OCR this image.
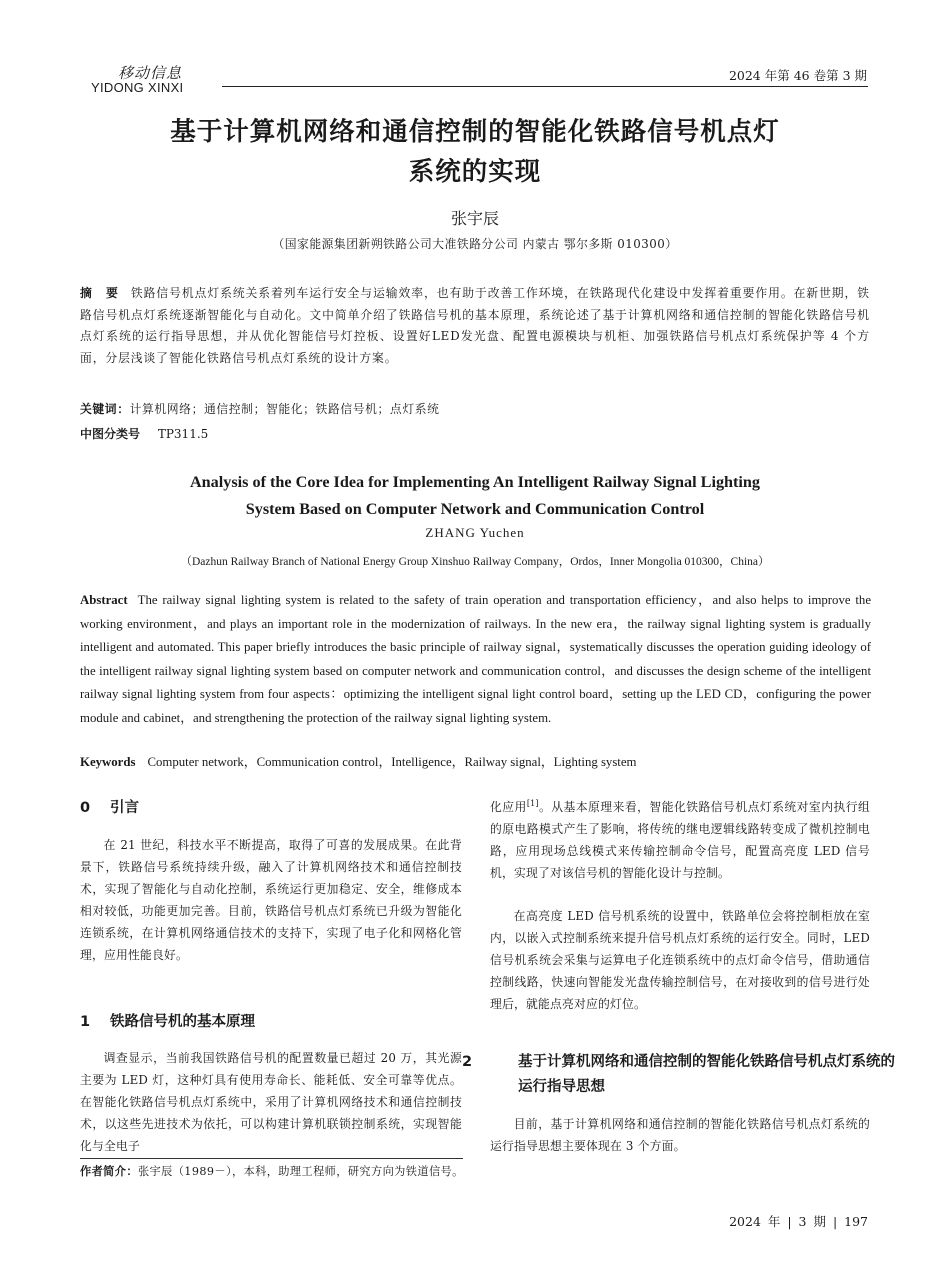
移动信息
YIDONG XINXI
2024 年第 46 卷第 3 期
基于计算机网络和通信控制的智能化铁路信号机点灯
系统的实现
张宇辰
（国家能源集团新朔铁路公司大准铁路分公司 内蒙古 鄂尔多斯 010300）
摘 要 铁路信号机点灯系统关系着列车运行安全与运输效率，也有助于改善工作环境，在铁路现代化建设中发挥着重要作用。在新世期，铁路信号机点灯系统逐渐智能化与自动化。文中简单介绍了铁路信号机的基本原理，系统论述了基于计算机网络和通信控制的智能化铁路信号机点灯系统的运行指导思想，并从优化智能信号灯控板、设置好LED发光盘、配置电源模块与机柜、加强铁路信号机点灯系统保护等 4 个方面，分层浅谈了智能化铁路信号机点灯系统的设计方案。
关键词：计算机网络；通信控制；智能化；铁路信号机；点灯系统
中图分类号 TP311.5
Analysis of the Core Idea for Implementing An Intelligent Railway Signal Lighting
System Based on Computer Network and Communication Control
ZHANG Yuchen
（Dazhun Railway Branch of National Energy Group Xinshuo Railway Company，Ordos，Inner Mongolia 010300，China）
Abstract The railway signal lighting system is related to the safety of train operation and transportation efficiency，and also helps to improve the working environment，and plays an important role in the modernization of railways. In the new era，the railway signal lighting system is gradually intelligent and automated. This paper briefly introduces the basic principle of railway signal，systematically discusses the operation guiding ideology of the intelligent railway signal lighting system based on computer network and communication control，and discusses the design scheme of the intelligent railway signal lighting system from four aspects：optimizing the intelligent signal light control board，setting up the LED CD，configuring the power module and cabinet，and strengthening the protection of the railway signal lighting system.
Keywords Computer network，Communication control，Intelligence，Railway signal，Lighting system
0 引言

在 21 世纪，科技水平不断提高，取得了可喜的发展成果。在此背景下，铁路信号系统持续升级，融入了计算机网络技术和通信控制技术，实现了智能化与自动化控制，系统运行更加稳定、安全，维修成本相对较低，功能更加完善。目前，铁路信号机点灯系统已升级为智能化连锁系统，在计算机网络通信技术的支持下，实现了电子化和网格化管理，应用性能良好。

1 铁路信号机的基本原理

调查显示，当前我国铁路信号机的配置数量已超过 20 万，其光源主要为 LED 灯，这种灯具有使用寿命长、能耗低、安全可靠等优点。在智能化铁路信号机点灯系统中，采用了计算机网络技术和通信控制技术，以这些先进技术为依托，可以构建计算机联锁控制系统，实现智能化与全电子

作者简介：张宇辰（1989－），本科，助理工程师，研究方向为铁道信号。

化应用[1]。从基本原理来看，智能化铁路信号机点灯系统对室内执行组的原电路模式产生了影响，将传统的继电逻辑线路转变成了微机控制电路，应用现场总线模式来传输控制命令信号，配置高亮度 LED 信号机，实现了对该信号机的智能化设计与控制。

在高亮度 LED 信号机系统的设置中，铁路单位会将控制柜放在室内，以嵌入式控制系统来提升信号机点灯系统的运行安全。同时，LED 信号机系统会采集与运算电子化连锁系统中的点灯命令信号，借助通信控制线路，快速向智能发光盘传输控制信号，在对接收到的信号进行处理后，就能点亮对应的灯位。

2	基于计算机网络和通信控制的智能化铁路信号机点灯系统的运行指导思想

目前，基于计算机网络和通信控制的智能化铁路信号机点灯系统的运行指导思想主要体现在 3 个方面。

2024 年 | 3 期 | 197
